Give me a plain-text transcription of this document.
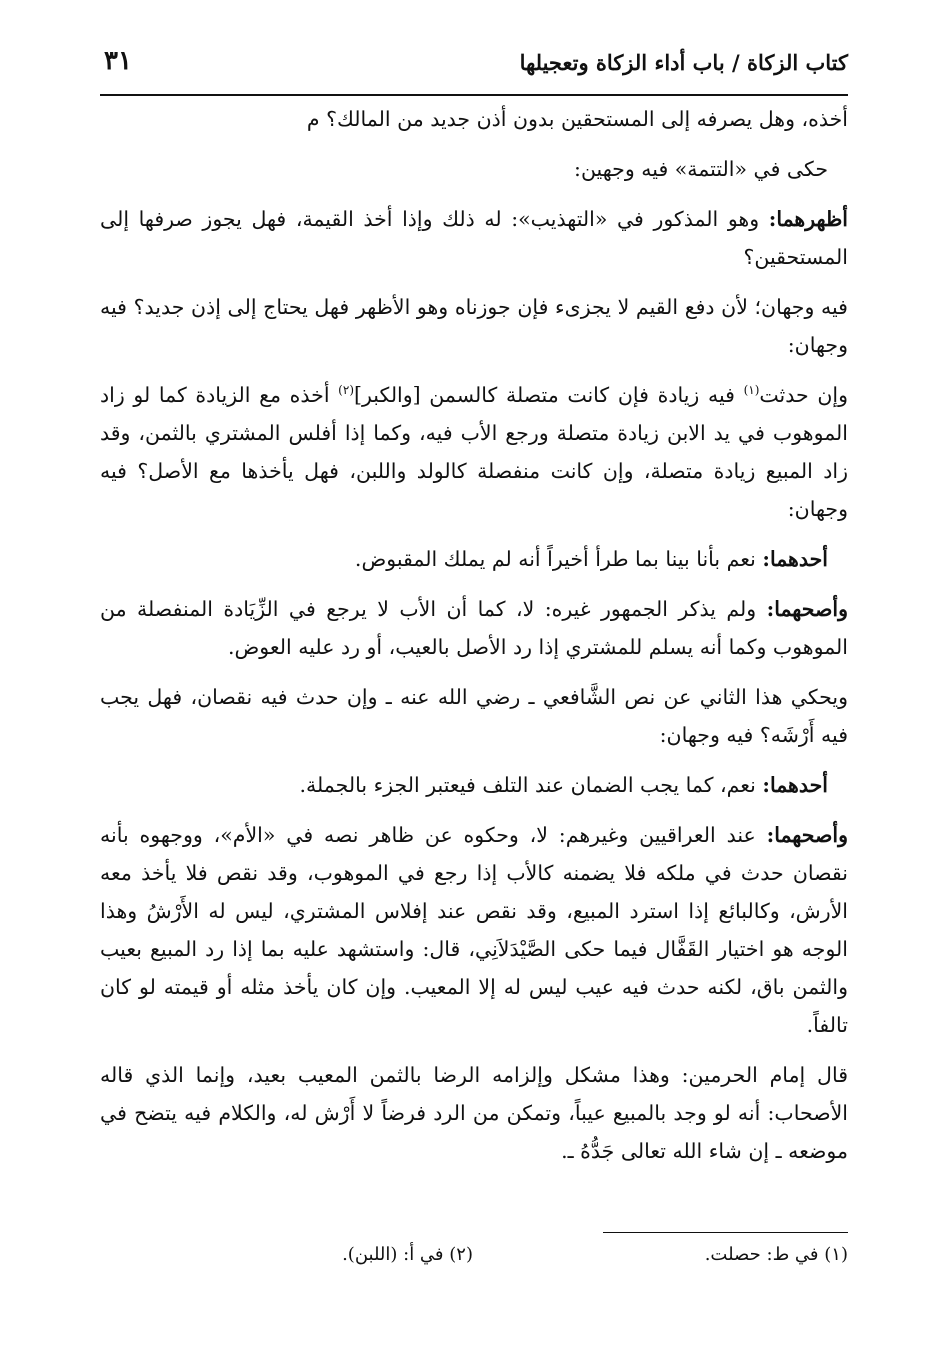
كتاب الزكاة / باب أداء الزكاة وتعجيلها
٣١

أخذه، وهل يصرفه إلى المستحقين بدون أذن جديد من المالك؟ م

حكى في «التتمة» فيه وجهين:

أظهرهما: وهو المذكور في «التهذيب»: له ذلك وإذا أخذ القيمة، فهل يجوز صرفها إلى المستحقين؟

فيه وجهان؛ لأن دفع القيم لا يجزىء فإن جوزناه وهو الأظهر فهل يحتاج إلى إذن جديد؟ فيه وجهان:

وإن حدثت$^{(١)}$ فيه زيادة فإن كانت متصلة كالسمن [والكبر]$^{(٢)}$ أخذه مع الزيادة كما لو زاد الموهوب في يد الابن زيادة متصلة ورجع الأب فيه، وكما إذا أفلس المشتري بالثمن، وقد زاد المبيع زيادة متصلة، وإن كانت منفصلة كالولد واللبن، فهل يأخذها مع الأصل؟ فيه وجهان:

أحدهما: نعم بأنا بينا بما طرأ أخيراً أنه لم يملك المقبوض.

وأصحهما: ولم يذكر الجمهور غيره: لا، كما أن الأب لا يرجع في الزِّيَادة المنفصلة من الموهوب وكما أنه يسلم للمشتري إذا رد الأصل بالعيب، أو رد عليه العوض.

ويحكي هذا الثاني عن نص الشَّافعي ـ رضي الله عنه ـ وإن حدث فيه نقصان، فهل يجب فيه أَرْشَه؟ فيه وجهان:

أحدهما: نعم، كما يجب الضمان عند التلف فيعتبر الجزء بالجملة.

وأصحهما: عند العراقيين وغيرهم: لا، وحكوه عن ظاهر نصه في «الأم»، ووجهوه بأنه نقصان حدث في ملكه فلا يضمنه كالأب إذا رجع في الموهوب، وقد نقص فلا يأخذ معه الأرش، وكالبائع إذا استرد المبيع، وقد نقص عند إفلاس المشتري، ليس له الأَرْشُ وهذا الوجه هو اختيار القَفَّال فيما حكى الصَّيْدَلاَنِي، قال: واستشهد عليه بما إذا رد المبيع بعيب والثمن باق، لكنه حدث فيه عيب ليس له إلا المعيب. وإن كان يأخذ مثله أو قيمته لو كان تالفاً.

قال إمام الحرمين: وهذا مشكل وإلزامه الرضا بالثمن المعيب بعيد، وإنما الذي قاله الأصحاب: أنه لو وجد بالمبيع عيباً، وتمكن من الرد فرضاً لا أَرْش له، والكلام فيه يتضح في موضعه ـ إن شاء الله تعالى جَدُّهُ ـ.

(١) في ط: حصلت.
(٢) في أ: (اللبن).
